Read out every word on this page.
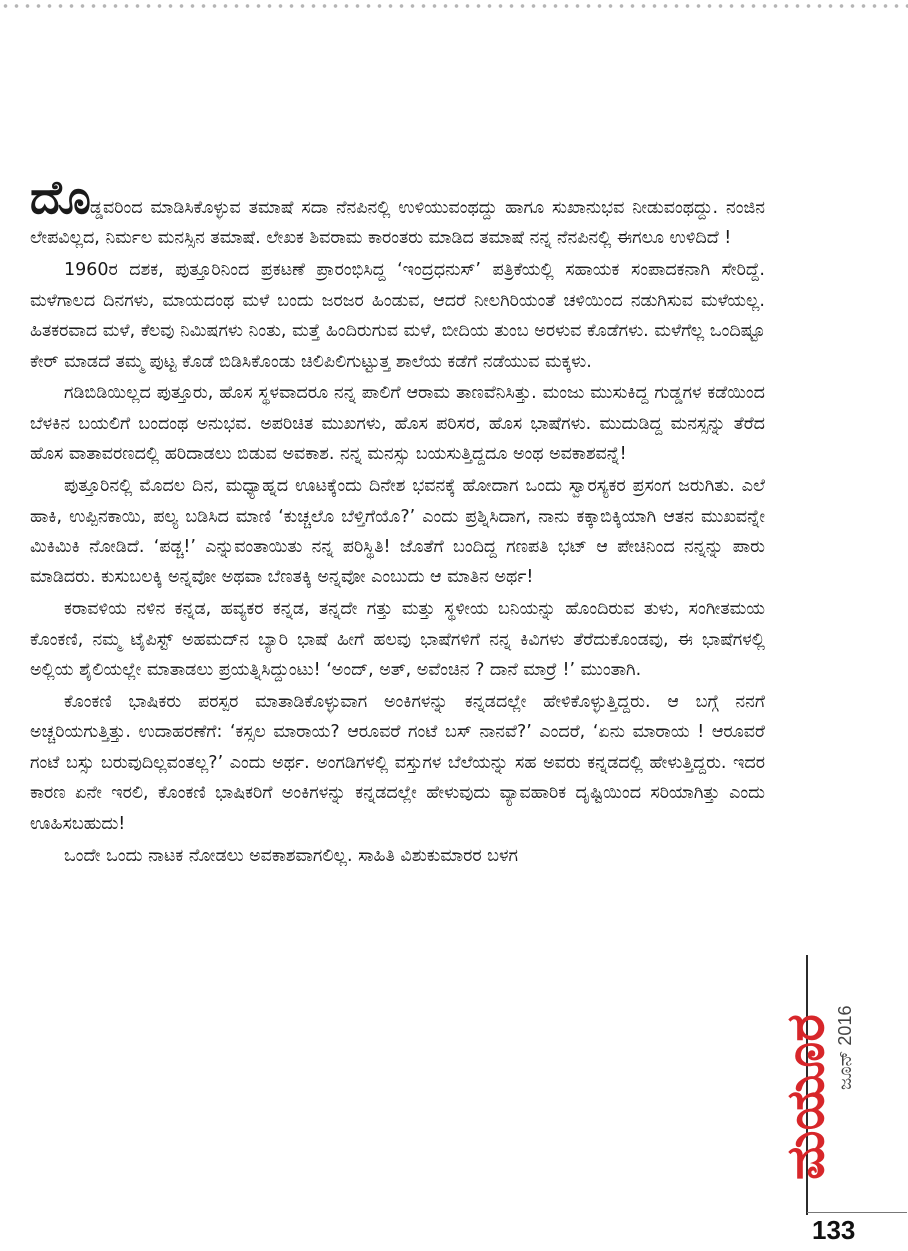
ದೊಡ್ಡವರಿಂದ ಮಾಡಿಸಿಕೊಳ್ಳುವ ತಮಾಷೆ ಸದಾ ನೆನಪಿನಲ್ಲಿ ಉಳಿಯುವಂಥದ್ದು ಹಾಗೂ ಸುಖಾನುಭವ ನೀಡುವಂಥದ್ದು. ನಂಜಿನ ಲೇಪವಿಲ್ಲದ, ನಿರ್ಮಲ ಮನಸ್ಸಿನ ತಮಾಷೆ. ಲೇಖಕ ಶಿವರಾಮ ಕಾರಂತರು ಮಾಡಿದ ತಮಾಷೆ ನನ್ನ ನೆನಪಿನಲ್ಲಿ ಈಗಲೂ ಉಳಿದಿದೆ !

1960ರ ದಶಕ, ಪುತ್ತೂರಿನಿಂದ ಪ್ರಕಟಣೆ ಪ್ರಾರಂಭಿಸಿದ್ದ ‘ಇಂದ್ರಧನುಸ್’ ಪತ್ರಿಕೆಯಲ್ಲಿ ಸಹಾಯಕ ಸಂಪಾದಕನಾಗಿ ಸೇರಿದ್ದೆ. ಮಳೆಗಾಲದ ದಿನಗಳು, ಮಾಯದಂಥ ಮಳೆ ಬಂದು ಜರಜರ ಹಿಂಡುವ, ಆದರೆ ನೀಲಗಿರಿಯಂತೆ ಚಳಿಯಿಂದ ನಡುಗಿಸುವ ಮಳೆಯಲ್ಲ. ಹಿತಕರವಾದ ಮಳೆ, ಕೆಲವು ನಿಮಿಷಗಳು ನಿಂತು, ಮತ್ತೆ ಹಿಂದಿರುಗುವ ಮಳೆ, ಬೀದಿಯ ತುಂಬ ಅರಳುವ ಕೊಡೆಗಳು. ಮಳೆಗೆಲ್ಲ ಒಂದಿಷ್ಟೂ ಕೇರ್ ಮಾಡದೆ ತಮ್ಮ ಪುಟ್ಟ ಕೊಡೆ ಬಿಡಿಸಿಕೊಂಡು ಚಿಲಿಪಿಲಿಗುಟ್ಟುತ್ತ ಶಾಲೆಯ ಕಡೆಗೆ ನಡೆಯುವ ಮಕ್ಕಳು.

ಗಡಿಬಿಡಿಯಿಲ್ಲದ ಪುತ್ತೂರು, ಹೊಸ ಸ್ಥಳವಾದರೂ ನನ್ನ ಪಾಲಿಗೆ ಆರಾಮ ತಾಣವೆನಿಸಿತ್ತು. ಮಂಜು ಮುಸುಕಿದ್ದ ಗುಡ್ಡಗಳ ಕಡೆಯಿಂದ ಬೆಳಕಿನ ಬಯಲಿಗೆ ಬಂದಂಥ ಅನುಭವ. ಅಪರಿಚಿತ ಮುಖಗಳು, ಹೊಸ ಪರಿಸರ, ಹೊಸ ಭಾಷೆಗಳು. ಮುದುಡಿದ್ದ ಮನಸ್ಸನ್ನು ತೆರೆದ ಹೊಸ ವಾತಾವರಣದಲ್ಲಿ ಹರಿದಾಡಲು ಬಿಡುವ ಅವಕಾಶ. ನನ್ನ ಮನಸ್ಸು ಬಯಸುತ್ತಿದ್ದದೂ ಅಂಥ ಅವಕಾಶವನ್ನೆ!

ಪುತ್ತೂರಿನಲ್ಲಿ ಮೊದಲ ದಿನ, ಮಧ್ಯಾಹ್ನದ ಊಟಕ್ಕೆಂದು ದಿನೇಶ ಭವನಕ್ಕೆ ಹೋದಾಗ ಒಂದು ಸ್ವಾರಸ್ಯಕರ ಪ್ರಸಂಗ ಜರುಗಿತು. ಎಲೆ ಹಾಕಿ, ಉಪ್ಪಿನಕಾಯಿ, ಪಲ್ಯ ಬಡಿಸಿದ ಮಾಣಿ ‘ಕುಚ್ಚಲೊ ಬೆಳ್ತಿಗೆಯೊ?’ ಎಂದು ಪ್ರಶ್ನಿಸಿದಾಗ, ನಾನು ಕಕ್ಕಾಬಿಕ್ಕಿಯಾಗಿ ಆತನ ಮುಖವನ್ನೇ ಮಿಕಿಮಿಕಿ ನೋಡಿದೆ. ‘ಪಡ್ಚ!’ ಎನ್ನುವಂತಾಯಿತು ನನ್ನ ಪರಿಸ್ಥಿತಿ! ಜೊತೆಗೆ ಬಂದಿದ್ದ ಗಣಪತಿ ಭಟ್ ಆ ಪೇಚಿನಿಂದ ನನ್ನನ್ನು ಪಾರು ಮಾಡಿದರು. ಕುಸುಬಲಕ್ಕಿ ಅನ್ನವೋ ಅಥವಾ ಬೆಣತಕ್ಕಿ ಅನ್ನವೋ ಎಂಬುದು ಆ ಮಾತಿನ ಅರ್ಥ!

ಕರಾವಳಿಯ ನಳಿನ ಕನ್ನಡ, ಹವ್ಯಕರ ಕನ್ನಡ, ತನ್ನದೇ ಗತ್ತು ಮತ್ತು ಸ್ಥಳೀಯ ಬನಿಯನ್ನು ಹೊಂದಿರುವ ತುಳು, ಸಂಗೀತಮಯ ಕೊಂಕಣಿ, ನಮ್ಮ ಟೈಪಿಸ್ಟ್ ಅಹಮದ್‌ನ ಬ್ಯಾರಿ ಭಾಷೆ ಹೀಗೆ ಹಲವು ಭಾಷೆಗಳಿಗೆ ನನ್ನ ಕಿವಿಗಳು ತೆರೆದುಕೊಂಡವು, ಈ ಭಾಷೆಗಳಲ್ಲಿ ಅಲ್ಲಿಯ ಶೈಲಿಯಲ್ಲೇ ಮಾತಾಡಲು ಪ್ರಯತ್ನಿಸಿದ್ದುಂಟು! ‘ಅಂದ್, ಅತ್, ಅವೆಂಚಿನ ? ದಾನೆ ಮಾರ್ರೆ !’ ಮುಂತಾಗಿ.

ಕೊಂಕಣಿ ಭಾಷಿಕರು ಪರಸ್ಪರ ಮಾತಾಡಿಕೊಳ್ಳುವಾಗ ಅಂಕಿಗಳನ್ನು ಕನ್ನಡದಲ್ಲೇ ಹೇಳಿಕೊಳ್ಳುತ್ತಿದ್ದರು. ಆ ಬಗ್ಗೆ ನನಗೆ ಅಚ್ಚರಿಯಗುತ್ತಿತ್ತು. ಉದಾಹರಣೆಗೆ: ‘ಕಸ್ಸಲ ಮಾರಾಯ? ಆರೂವರೆ ಗಂಟೆ ಬಸ್ ನಾನವೆ?’ ಎಂದರೆ, ‘ಏನು ಮಾರಾಯ ! ಆರೂವರೆ ಗಂಟೆ ಬಸ್ಸು ಬರುವುದಿಲ್ಲವಂತಲ್ಲ?’ ಎಂದು ಅರ್ಥ. ಅಂಗಡಿಗಳಲ್ಲಿ ವಸ್ತುಗಳ ಬೆಲೆಯನ್ನು ಸಹ ಅವರು ಕನ್ನಡದಲ್ಲಿ ಹೇಳುತ್ತಿದ್ದರು. ಇದರ ಕಾರಣ ಏನೇ ಇರಲಿ, ಕೊಂಕಣಿ ಭಾಷಿಕರಿಗೆ ಅಂಕಿಗಳನ್ನು ಕನ್ನಡದಲ್ಲೇ ಹೇಳುವುದು ವ್ಯಾವಹಾರಿಕ ದೃಷ್ಟಿಯಿಂದ ಸರಿಯಾಗಿತ್ತು ಎಂದು ಊಹಿಸಬಹುದು!

ಒಂದೇ ಒಂದು ನಾಟಕ ನೋಡಲು ಅವಕಾಶವಾಗಲಿಲ್ಲ. ಸಾಹಿತಿ ವಿಶುಕುಮಾರರ ಬಳಗ

ಮಯೂರ ಜೂನ್ 2016
133
